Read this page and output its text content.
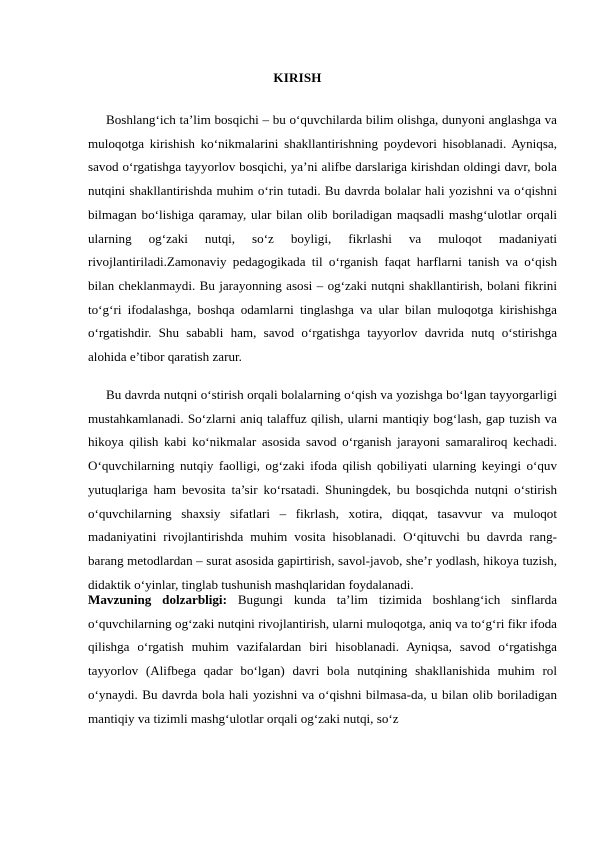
KIRISH

Boshlang‘ich ta’lim bosqichi – bu o‘quvchilarda bilim olishga, dunyoni anglashga va muloqotga kirishish ko‘nikmalarini shakllantirishning poydevori hisoblanadi. Ayniqsa, savod o‘rgatishga tayyorlov bosqichi, ya’ni alifbe darslariga kirishdan oldingi davr, bola nutqini shakllantirishda muhim o‘rin tutadi. Bu davrda bolalar hali yozishni va o‘qishni bilmagan bo‘lishiga qaramay, ular bilan olib boriladigan maqsadli mashg‘ulotlar orqali ularning og‘zaki nutqi, so‘z boyligi, fikrlashi va muloqot madaniyati rivojlantiriladi.Zamonaviy pedagogikada til o‘rganish faqat harflarni tanish va o‘qish bilan cheklanmaydi. Bu jarayonning asosi – og‘zaki nutqni shakllantirish, bolani fikrini to‘g‘ri ifodalashga, boshqa odamlarni tinglashga va ular bilan muloqotga kirishishga o‘rgatishdir. Shu sababli ham, savod o‘rgatishga tayyorlov davrida nutq o‘stirishga alohida e’tibor qaratish zarur.

Bu davrda nutqni o‘stirish orqali bolalarning o‘qish va yozishga bo‘lgan tayyorgarligi mustahkamlanadi. So‘zlarni aniq talaffuz qilish, ularni mantiqiy bog‘lash, gap tuzish va hikoya qilish kabi ko‘nikmalar asosida savod o‘rganish jarayoni samaraliroq kechadi. O‘quvchilarning nutqiy faolligi, og‘zaki ifoda qilish qobiliyati ularning keyingi o‘quv yutuqlariga ham bevosita ta’sir ko‘rsatadi. Shuningdek, bu bosqichda nutqni o‘stirish o‘quvchilarning shaxsiy sifatlari – fikrlash, xotira, diqqat, tasavvur va muloqot madaniyatini rivojlantirishda muhim vosita hisoblanadi. O‘qituvchi bu davrda rang-barang metodlardan – surat asosida gapirtirish, savol-javob, she’r yodlash, hikoya tuzish, didaktik o‘yinlar, tinglab tushunish mashqlaridan foydalanadi.

Mavzuning dolzarbligi: Bugungi kunda ta’lim tizimida boshlang‘ich sinflarda o‘quvchilarning og‘zaki nutqini rivojlantirish, ularni muloqotga, aniq va to‘g‘ri fikr ifoda qilishga o‘rgatish muhim vazifalardan biri hisoblanadi. Ayniqsa, savod o‘rgatishga tayyorlov (Alifbega qadar bo‘lgan) davri bola nutqining shakllanishida muhim rol o‘ynaydi. Bu davrda bola hali yozishni va o‘qishni bilmasa-da, u bilan olib boriladigan mantiqiy va tizimli mashg‘ulotlar orqali og‘zaki nutqi, so‘z
